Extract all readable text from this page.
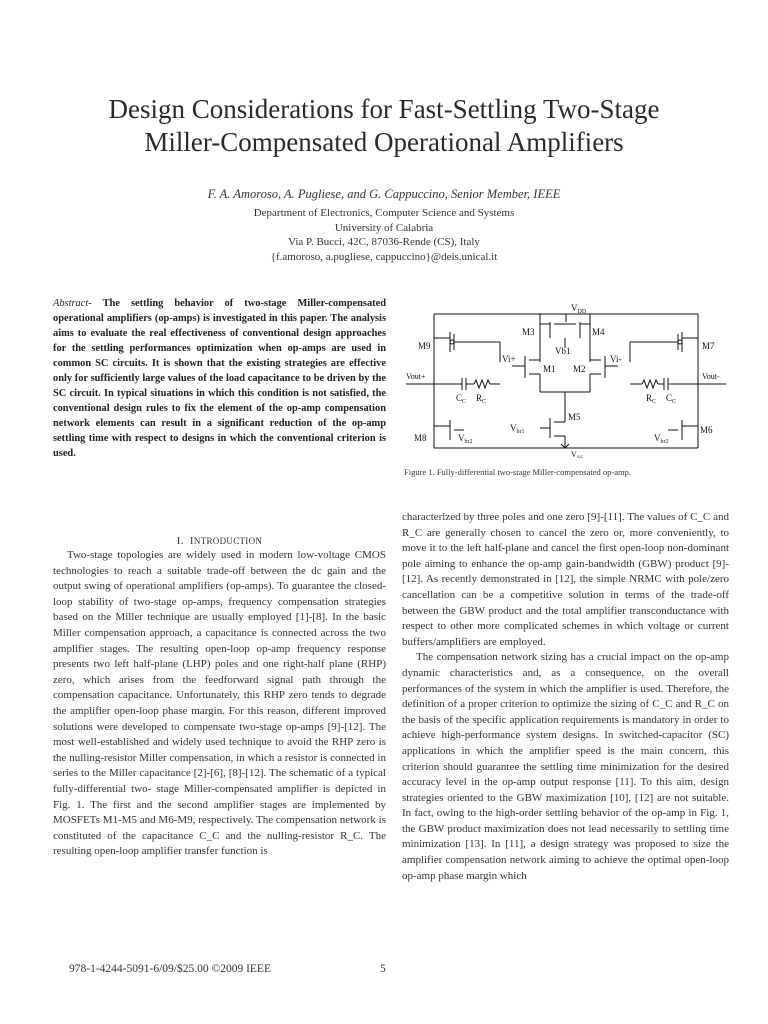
Design Considerations for Fast-Settling Two-Stage
Miller-Compensated Operational Amplifiers
F. A. Amoroso, A. Pugliese, and G. Cappuccino, Senior Member, IEEE
Department of Electronics, Computer Science and Systems
University of Calabria
Via P. Bucci, 42C, 87036-Rende (CS), Italy
{f.amoroso, a.pugliese, cappuccino}@deis.unical.it
Abstract- The settling behavior of two-stage Miller-compensated operational amplifiers (op-amps) is investigated in this paper. The analysis aims to evaluate the real effectiveness of conventional design approaches for the settling performances optimization when op-amps are used in common SC circuits. It is shown that the existing strategies are effective only for sufficiently large values of the load capacitance to be driven by the SC circuit. In typical situations in which this condition is not satisfied, the conventional design rules to fix the element of the op-amp compensation network elements can result in a significant reduction of the op-amp settling time with respect to designs in which the conventional criterion is used.
I. INTRODUCTION

Two-stage topologies are widely used in modern low-voltage CMOS technologies to reach a suitable trade-off between the dc gain and the output swing of operational amplifiers (op-amps). To guarantee the closed-loop stability of two-stage op-amps, frequency compensation strategies based on the Miller technique are usually employed [1]-[8]. In the basic Miller compensation approach, a capacitance is connected across the two amplifier stages. The resulting open-loop op-amp frequency response presents two left half-plane (LHP) poles and one right-half plane (RHP) zero, which arises from the feedforward signal path through the compensation capacitance. Unfortunately, this RHP zero tends to degrade the amplifier open-loop phase margin. For this reason, different improved solutions were developed to compensate two-stage op-amps [9]-[12]. The most well-established and widely used technique to avoid the RHP zero is the nulling-resistor Miller compensation, in which a resistor is connected in series to the Miller capacitance [2]-[6], [8]-[12]. The schematic of a typical fully-differential two- stage Miller-compensated amplifier is depicted in Fig. 1. The first and the second amplifier stages are implemented by MOSFETs M1-M5 and M6-M9, respectively. The compensation network is constituted of the capacitance C_C and the nulling-resistor R_C. The resulting open-loop amplifier transfer function is

$V_{DD}$
M9
M3	M4
Vb1
M1 M2
Vi+	Vi-
M5
$V_{br1}$
$V_{SS}$
M7
Vout+	Vout-
$C_C$ $R_C$	$R_C$ $C_C$
M8	$V_{br2}$
M6
$V_{br2}$
Figure 1. Fully-differential two-stage Miller-compensated op-amp.

characterized by three poles and one zero [9]-[11]. The values of C_C and R_C are generally chosen to cancel the zero or, more conveniently, to move it to the left half-plane and cancel the first open-loop non-dominant pole aiming to enhance the op-amp gain-bandwidth (GBW) product [9]-[12]. As recently demonstrated in [12], the simple NRMC with pole/zero cancellation can be a competitive solution in terms of the trade-off between the GBW product and the total amplifier transconductance with respect to other more complicated schemes in which voltage or current buffers/amplifiers are employed.

The compensation network sizing has a crucial impact on the op-amp dynamic characteristics and, as a consequence, on the overall performances of the system in which the amplifier is used. Therefore, the definition of a proper criterion to optimize the sizing of C_C and R_C on the basis of the specific application requirements is mandatory in order to achieve high-performance system designs. In switched-capacitor (SC) applications in which the amplifier speed is the main concern, this criterion should guarantee the settling time minimization for the desired accuracy level in the op-amp output response [11]. To this aim, design strategies oriented to the GBW maximization [10], [12] are not suitable. In fact, owing to the high-order settling behavior of the op-amp in Fig. 1, the GBW product maximization does not lead necessarily to settling time minimization [13]. In [11], a design strategy was proposed to size the amplifier compensation network aiming to achieve the optimal open-loop op-amp phase margin which

978-1-4244-5091-6/09/$25.00 ©2009 IEEE	5
